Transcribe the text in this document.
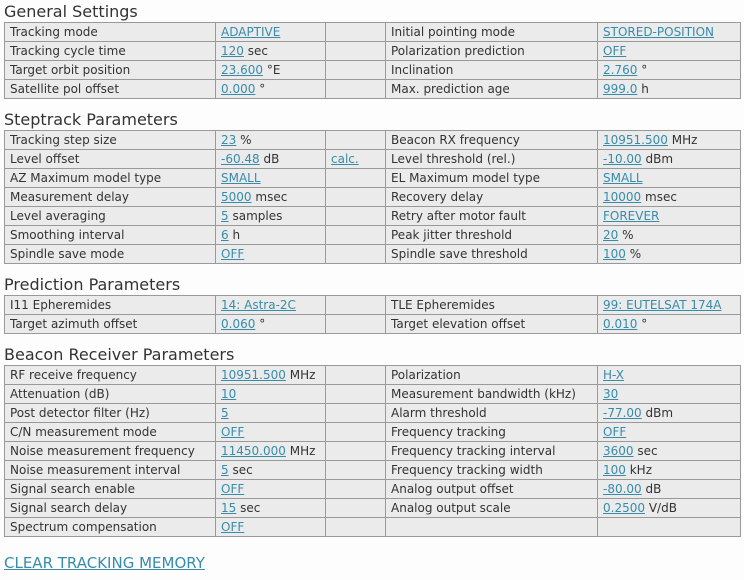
General Settings
Tracking mode	ADAPTIVE		Initial pointing mode	STORED-POSITION
Tracking cycle time	120 sec		Polarization prediction	OFF
Target orbit position	23.600 °E		Inclination	2.760 °
Satellite pol offset	0.000 °		Max. prediction age	999.0 h
Steptrack Parameters
Tracking step size	23 %		Beacon RX frequency	10951.500 MHz
Level offset	-60.48 dB	calc.	Level threshold (rel.)	-10.00 dBm
AZ Maximum model type	SMALL		EL Maximum model type	SMALL
Measurement delay	5000 msec		Recovery delay	10000 msec
Level averaging	5 samples		Retry after motor fault	FOREVER
Smoothing interval	6 h		Peak jitter threshold	20 %
Spindle save mode	OFF		Spindle save threshold	100 %
Prediction Parameters
I11 Epheremides	14: Astra-2C		TLE Epheremides	99: EUTELSAT 174A
Target azimuth offset	0.060 °		Target elevation offset	0.010 °
Beacon Receiver Parameters
RF receive frequency	10951.500 MHz		Polarization	H-X
Attenuation (dB)	10		Measurement bandwidth (kHz)	30
Post detector filter (Hz)	5		Alarm threshold	-77.00 dBm
C/N measurement mode	OFF		Frequency tracking	OFF
Noise measurement frequency	11450.000 MHz		Frequency tracking interval	3600 sec
Noise measurement interval	5 sec		Frequency tracking width	100 kHz
Signal search enable	OFF		Analog output offset	-80.00 dB
Signal search delay	15 sec		Analog output scale	0.2500 V/dB
Spectrum compensation	OFF			
CLEAR TRACKING MEMORY
